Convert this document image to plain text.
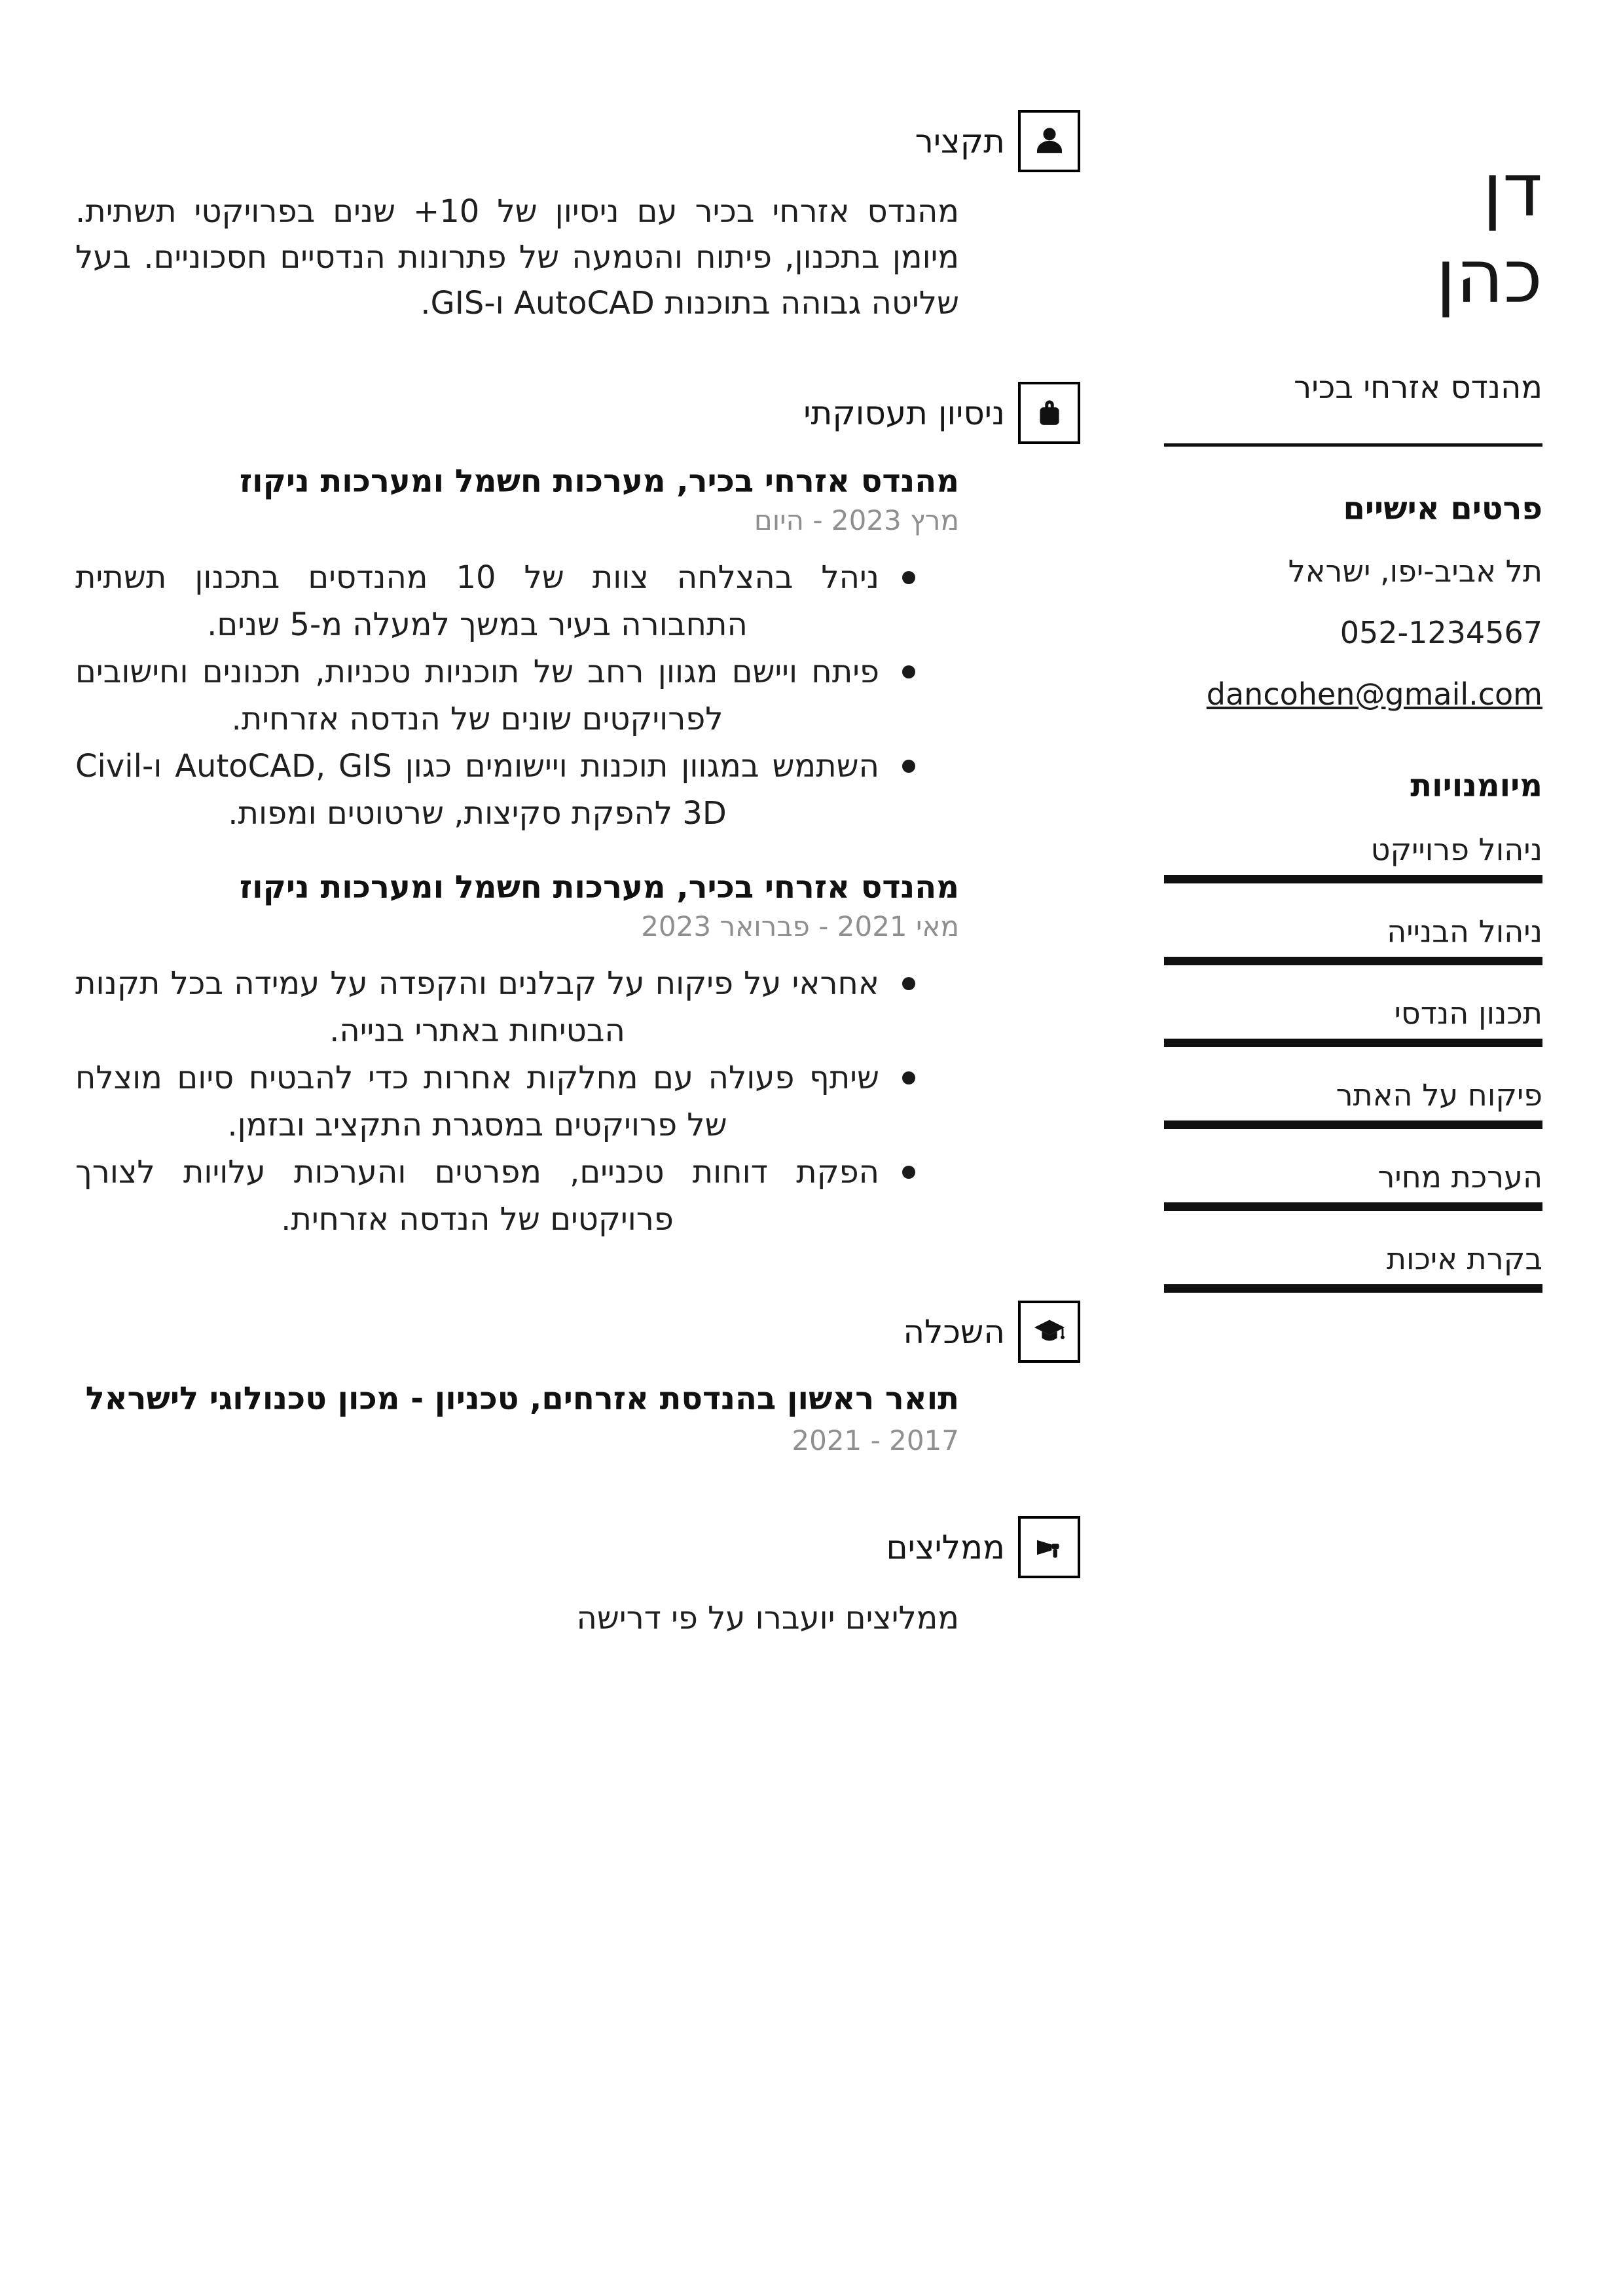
דן
כהן
מהנדס אזרחי בכיר
פרטים אישיים
תל אביב-יפו, ישראל
052-1234567
dancohen@gmail.com
מיומנויות
ניהול פרוייקט
ניהול הבנייה
תכנון הנדסי
פיקוח על האתר
הערכת מחיר
בקרת איכות
תקציר

מהנדס אזרחי בכיר עם ניסיון של 10+ שנים בפרויקטי תשתית. מיומן בתכנון, פיתוח והטמעה של פתרונות הנדסיים חסכוניים. בעל שליטה גבוהה בתוכנות AutoCAD ו-GIS.

ניסיון תעסוקתי
מהנדס אזרחי בכיר, מערכות חשמל ומערכות ניקוז
מרץ 2023 - היום
ניהל בהצלחה צוות של 10 מהנדסים בתכנון תשתית התחבורה בעיר במשך למעלה מ-5 שנים.
פיתח ויישם מגוון רחב של תוכניות טכניות, תכנונים וחישובים לפרויקטים שונים של הנדסה אזרחית.
השתמש במגוון תוכנות ויישומים כגון AutoCAD, GIS ו-Civil 3D להפקת סקיצות, שרטוטים ומפות.
מהנדס אזרחי בכיר, מערכות חשמל ומערכות ניקוז
מאי 2021 - פברואר 2023
אחראי על פיקוח על קבלנים והקפדה על עמידה בכל תקנות הבטיחות באתרי בנייה.
שיתף פעולה עם מחלקות אחרות כדי להבטיח סיום מוצלח של פרויקטים במסגרת התקציב ובזמן.
הפקת דוחות טכניים, מפרטים והערכות עלויות לצורך פרויקטים של הנדסה אזרחית.
השכלה
תואר ראשון בהנדסת אזרחים, טכניון - מכון טכנולוגי לישראל
2017 - 2021
ממליצים
ממליצים יועברו על פי דרישה
